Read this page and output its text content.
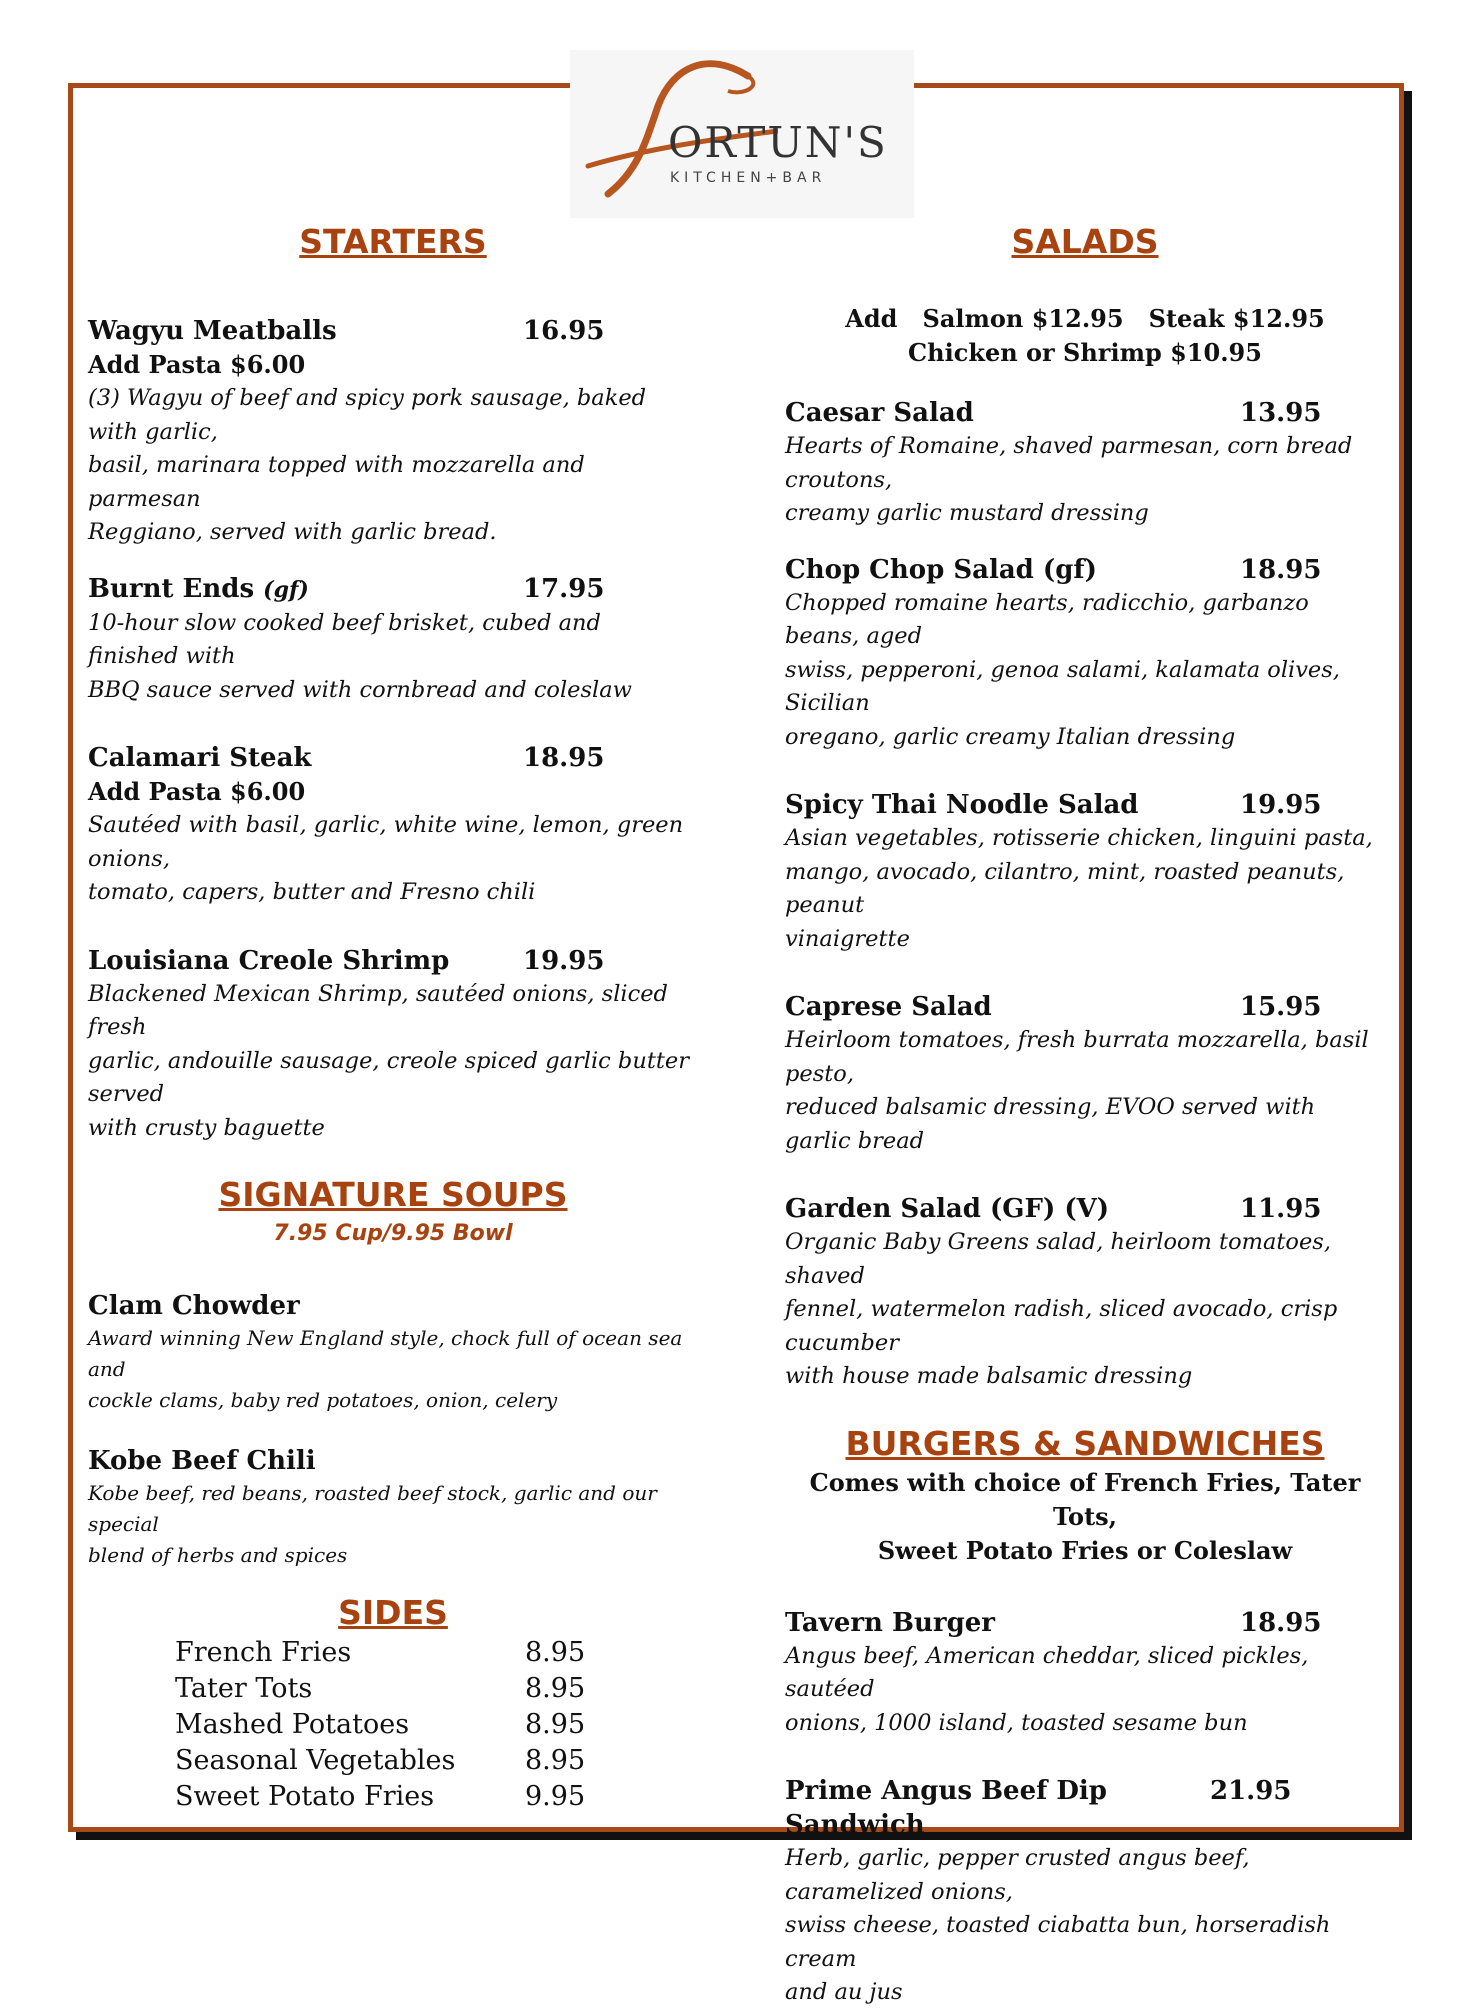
ORTUN'S
KITCHEN+BAR
STARTERS
Wagyu Meatballs	16.95
Add Pasta $6.00
(3) Wagyu of beef and spicy pork sausage, baked with garlic,
basil, marinara topped with mozzarella and parmesan
Reggiano, served with garlic bread.
Burnt Ends (gf)	17.95
10-hour slow cooked beef brisket, cubed and finished with
BBQ sauce served with cornbread and coleslaw
Calamari Steak	18.95
Add Pasta $6.00
Sautéed with basil, garlic, white wine, lemon, green onions,
tomato, capers, butter and Fresno chili
Louisiana Creole Shrimp	19.95
Blackened Mexican Shrimp, sautéed onions, sliced fresh
garlic, andouille sausage, creole spiced garlic butter served
with crusty baguette
SIGNATURE SOUPS
7.95 Cup/9.95 Bowl
Clam Chowder
Award winning New England style, chock full of ocean sea and
cockle clams, baby red potatoes, onion, celery
Kobe Beef Chili
Kobe beef, red beans, roasted beef stock, garlic and our special
blend of herbs and spices
SIDES
French Fries	8.95
Tater Tots	8.95
Mashed Potatoes	8.95
Seasonal Vegetables	8.95
Sweet Potato Fries	9.95
SALADS
Add   Salmon $12.95   Steak $12.95
Chicken or Shrimp $10.95
Caesar Salad	13.95
Hearts of Romaine, shaved parmesan, corn bread croutons,
creamy garlic mustard dressing
Chop Chop Salad (gf)	18.95
Chopped romaine hearts, radicchio, garbanzo beans, aged
swiss, pepperoni, genoa salami, kalamata olives, Sicilian
oregano, garlic creamy Italian dressing
Spicy Thai Noodle Salad	19.95
Asian vegetables, rotisserie chicken, linguini pasta,
mango, avocado, cilantro, mint, roasted peanuts, peanut
vinaigrette
Caprese Salad	15.95
Heirloom tomatoes, fresh burrata mozzarella, basil pesto,
reduced balsamic dressing, EVOO served with garlic bread
Garden Salad (GF) (V)	11.95
Organic Baby Greens salad, heirloom tomatoes, shaved
fennel, watermelon radish, sliced avocado, crisp cucumber
with house made balsamic dressing
BURGERS & SANDWICHES
Comes with choice of French Fries, Tater Tots,
Sweet Potato Fries or Coleslaw
Tavern Burger	18.95
Angus beef, American cheddar, sliced pickles, sautéed
onions, 1000 island, toasted sesame bun
Prime Angus Beef Dip Sandwich
21.95
Herb, garlic, pepper crusted angus beef, caramelized onions,
swiss cheese, toasted ciabatta bun, horseradish cream
and au jus
